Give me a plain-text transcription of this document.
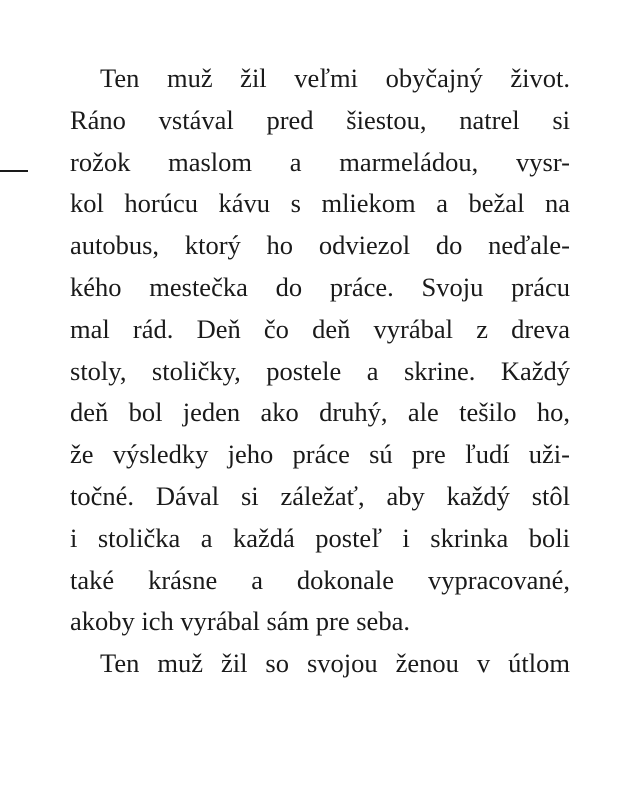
Ten muž žil veľmi obyčajný život.
Ráno vstával pred šiestou, natrel si
rožok maslom a marmeládou, vysr-
kol horúcu kávu s mliekom a bežal na
autobus, ktorý ho odviezol do neďale-
kého mestečka do práce. Svoju prácu
mal rád. Deň čo deň vyrábal z dreva
stoly, stoličky, postele a skrine. Každý
deň bol jeden ako druhý, ale tešilo ho,
že výsledky jeho práce sú pre ľudí uži-
točné. Dával si záležať, aby každý stôl
i stolička a každá posteľ i skrinka boli
také krásne a dokonale vypracované,
akoby ich vyrábal sám pre seba.
Ten muž žil so svojou ženou v útlom
